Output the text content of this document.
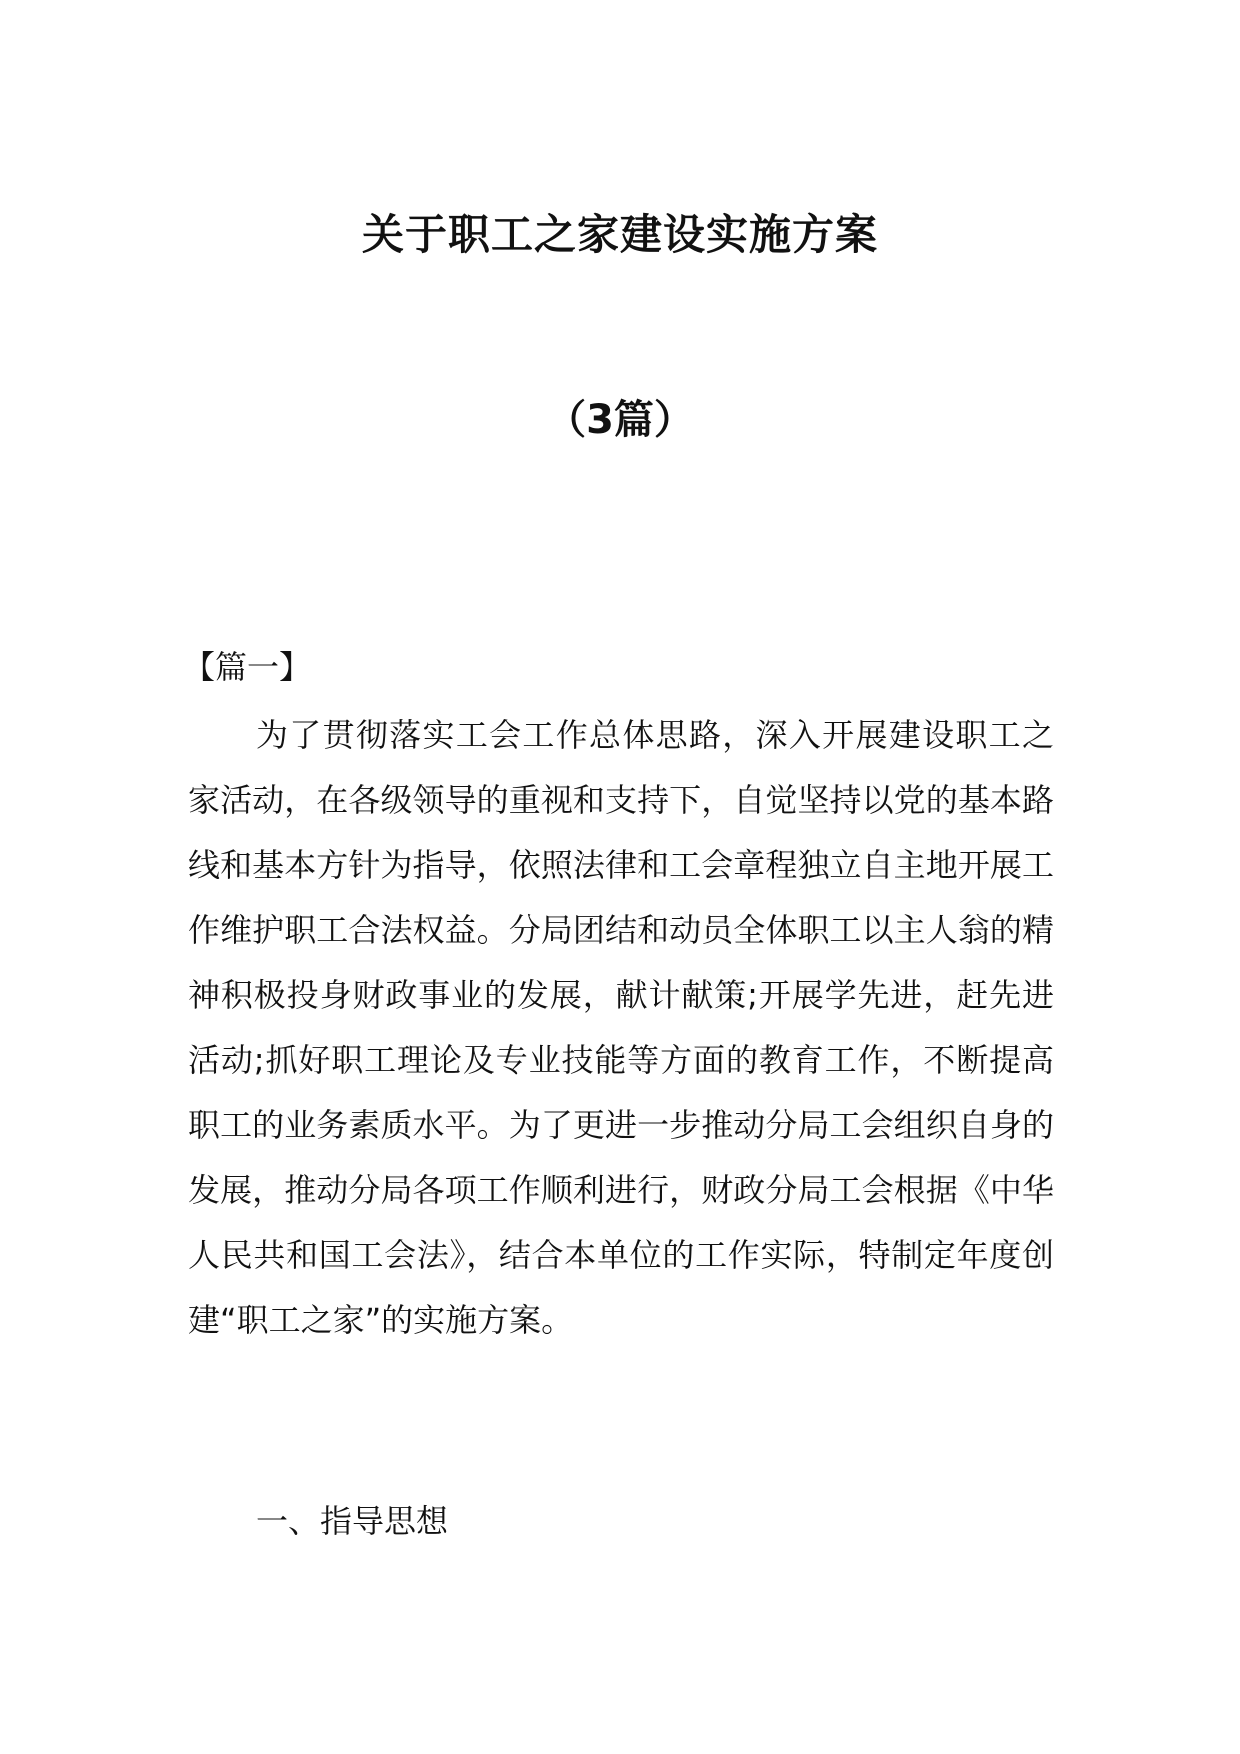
关于职工之家建设实施方案
（3篇）
【篇一】

为了贯彻落实工会工作总体思路，深入开展建设职工之家活动，在各级领导的重视和支持下，自觉坚持以党的基本路线和基本方针为指导，依照法律和工会章程独立自主地开展工作维护职工合法权益。分局团结和动员全体职工以主人翁的精神积极投身财政事业的发展，献计献策;开展学先进，赶先进活动;抓好职工理论及专业技能等方面的教育工作，不断提高职工的业务素质水平。为了更进一步推动分局工会组织自身的发展，推动分局各项工作顺利进行，财政分局工会根据《中华人民共和国工会法》，结合本单位的工作实际，特制定年度创建“职工之家”的实施方案。

一、指导思想
